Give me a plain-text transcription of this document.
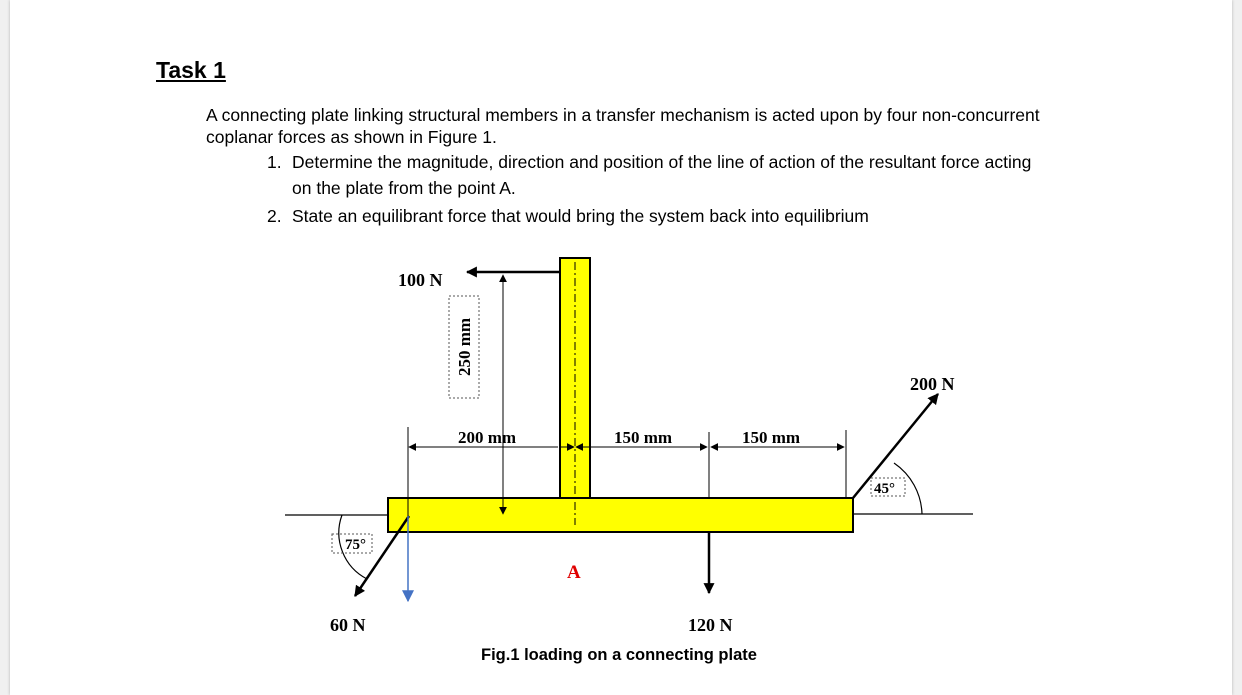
Task 1
A connecting plate linking structural members in a transfer mechanism is acted upon by four non-concurrent coplanar forces as shown in Figure 1.
1. Determine the magnitude, direction and position of the line of action of the resultant force acting on the plate from the point A.
2. State an equilibrant force that would bring the system back into equilibrium
100 N
250 mm
200 mm	150 mm	150 mm
200 N
45°
75°
60 N	120 N
A
Fig.1 loading on a connecting plate
